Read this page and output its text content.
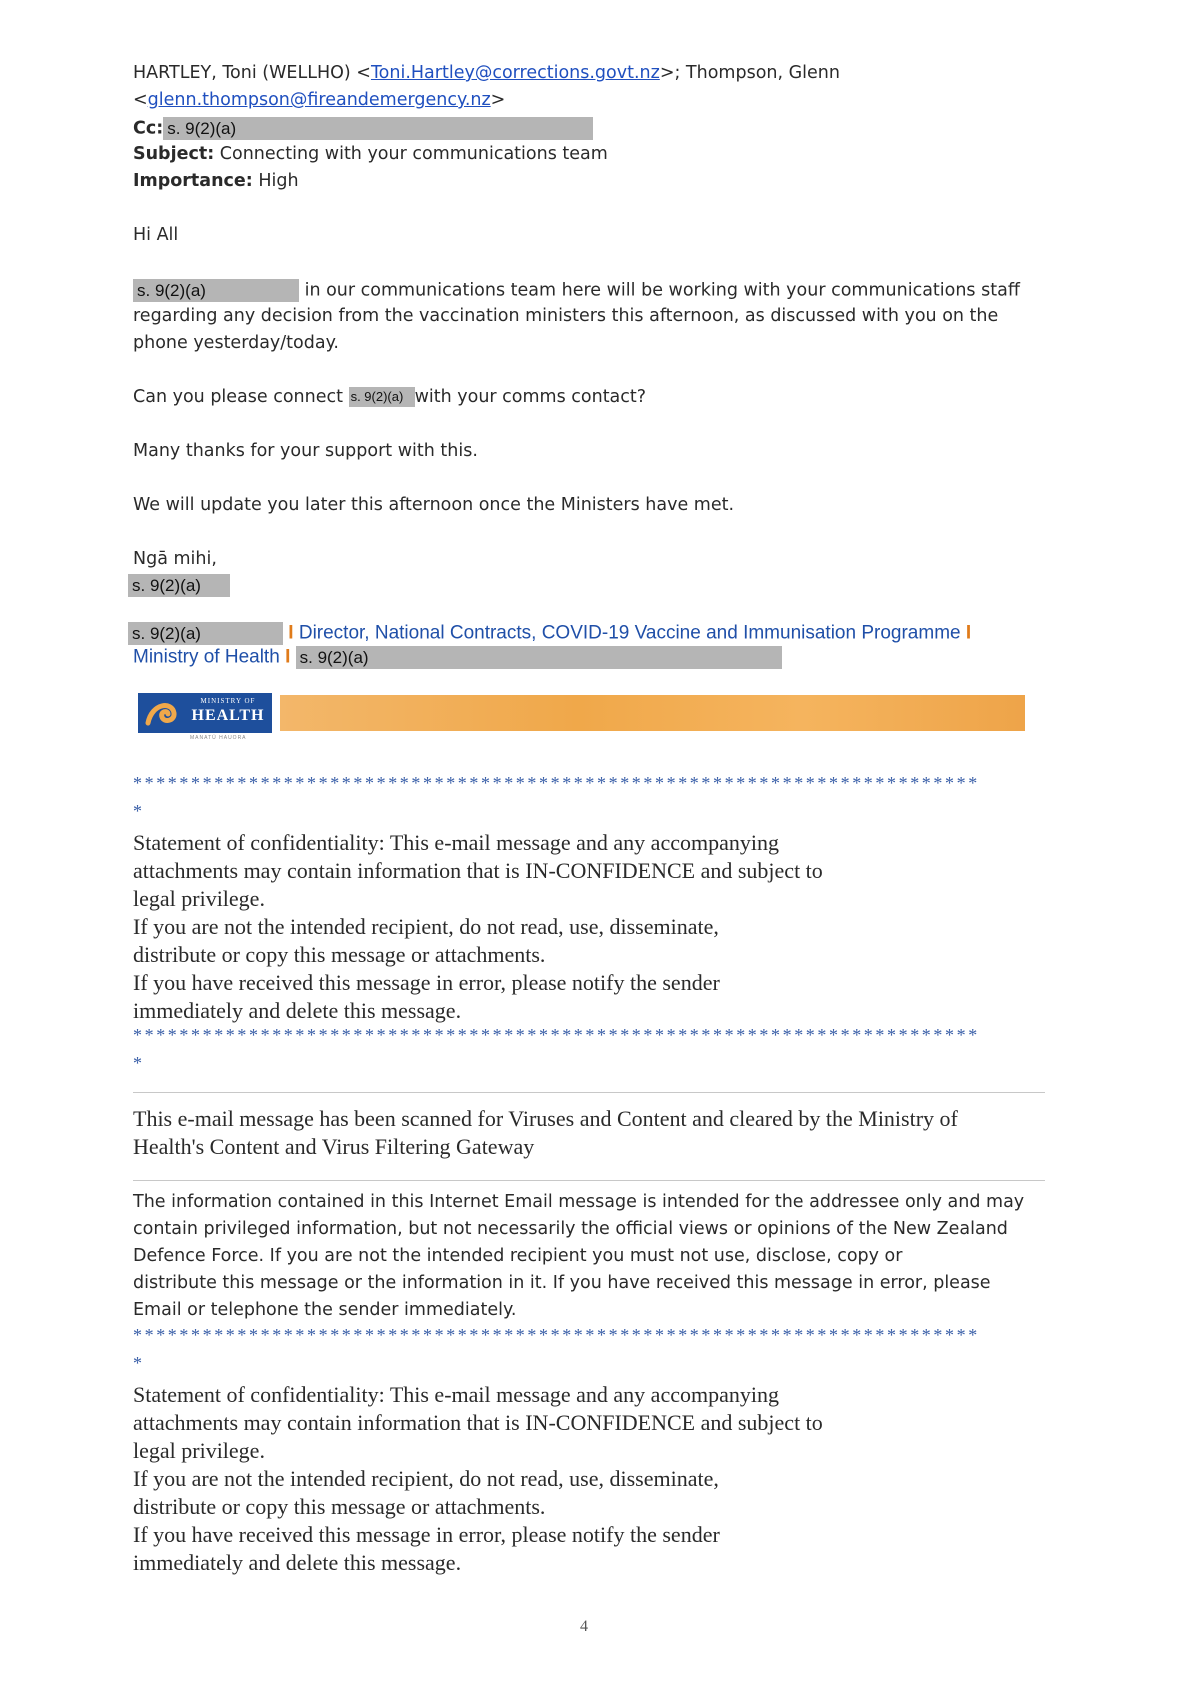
HARTLEY, Toni (WELLHO) <Toni.Hartley@corrections.govt.nz>; Thompson, Glenn
<glenn.thompson@fireandemergency.nz>
Cc: s. 9(2)(a)
Subject: Connecting with your communications team
Importance: High
Hi All
s. 9(2)(a)	in our communications team here will be working with your communications staff
regarding any decision from the vaccination ministers this afternoon, as discussed with you on the
phone yesterday/today.
Can you please connect s. 9(2)(a) with your comms contact?
Many thanks for your support with this.
We will update you later this afternoon once the Ministers have met.
Ngā mihi,
s. 9(2)(a)
s. 9(2)(a)	I Director, National Contracts, COVID-19 Vaccine and Immunisation Programme I
Ministry of Health I s. 9(2)(a)
MINISTRY OF
HEALTH
MANATŪ HAUORA
*************************************************************************
*
Statement of confidentiality: This e-mail message and any accompanying
attachments may contain information that is IN-CONFIDENCE and subject to
legal privilege.
If you are not the intended recipient, do not read, use, disseminate,
distribute or copy this message or attachments.
If you have received this message in error, please notify the sender
immediately and delete this message.
*************************************************************************
*
This e-mail message has been scanned for Viruses and Content and cleared by the Ministry of
Health's Content and Virus Filtering Gateway
The information contained in this Internet Email message is intended for the addressee only and may
contain privileged information, but not necessarily the official views or opinions of the New Zealand
Defence Force. If you are not the intended recipient you must not use, disclose, copy or
distribute this message or the information in it. If you have received this message in error, please
Email or telephone the sender immediately.
*************************************************************************
*
Statement of confidentiality: This e-mail message and any accompanying
attachments may contain information that is IN-CONFIDENCE and subject to
legal privilege.
If you are not the intended recipient, do not read, use, disseminate,
distribute or copy this message or attachments.
If you have received this message in error, please notify the sender
immediately and delete this message.
4
